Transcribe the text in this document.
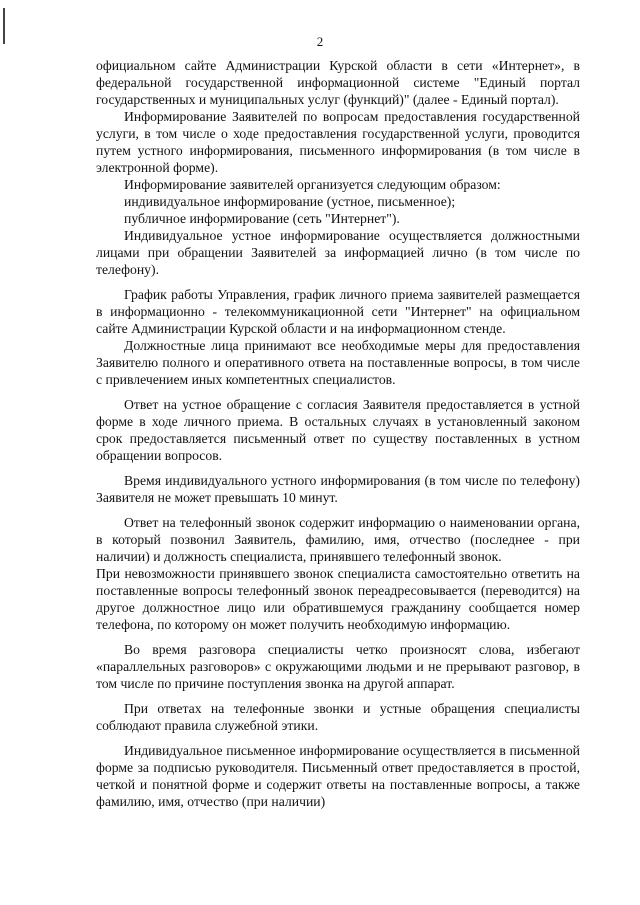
2

официальном сайте Администрации Курской области в сети «Интернет», в федеральной государственной информационной системе "Единый портал государственных и муниципальных услуг (функций)" (далее - Единый портал).

Информирование Заявителей по вопросам предоставления государственной услуги, в том числе о ходе предоставления государственной услуги, проводится путем устного информирования, письменного информирования (в том числе в электронной форме).

Информирование заявителей организуется следующим образом:

индивидуальное информирование (устное, письменное);

публичное информирование (сеть "Интернет").

Индивидуальное устное информирование осуществляется должностными лицами при обращении Заявителей за информацией лично (в том числе по телефону).

График работы Управления, график личного приема заявителей размещается в информационно - телекоммуникационной сети "Интернет" на официальном сайте Администрации Курской области и на информационном стенде.

Должностные лица принимают все необходимые меры для предоставления Заявителю полного и оперативного ответа на поставленные вопросы, в том числе с привлечением иных компетентных специалистов.

Ответ на устное обращение с согласия Заявителя предоставляется в устной форме в ходе личного приема. В остальных случаях в установленный законом срок предоставляется письменный ответ по существу поставленных в устном обращении вопросов.

Время индивидуального устного информирования (в том числе по телефону) Заявителя не может превышать 10 минут.

Ответ на телефонный звонок содержит информацию о наименовании органа, в который позвонил Заявитель, фамилию, имя, отчество (последнее - при наличии) и должность специалиста, принявшего телефонный звонок.

При невозможности принявшего звонок специалиста самостоятельно ответить на поставленные вопросы телефонный звонок переадресовывается (переводится) на другое должностное лицо или обратившемуся гражданину сообщается номер телефона, по которому он может получить необходимую информацию.

Во время разговора специалисты четко произносят слова, избегают «параллельных разговоров» с окружающими людьми и не прерывают разговор, в том числе по причине поступления звонка на другой аппарат.

При ответах на телефонные звонки и устные обращения специалисты соблюдают правила служебной этики.

Индивидуальное письменное информирование осуществляется в письменной форме за подписью руководителя. Письменный ответ предоставляется в простой, четкой и понятной форме и содержит ответы на поставленные вопросы, а также фамилию, имя, отчество (при наличии)
